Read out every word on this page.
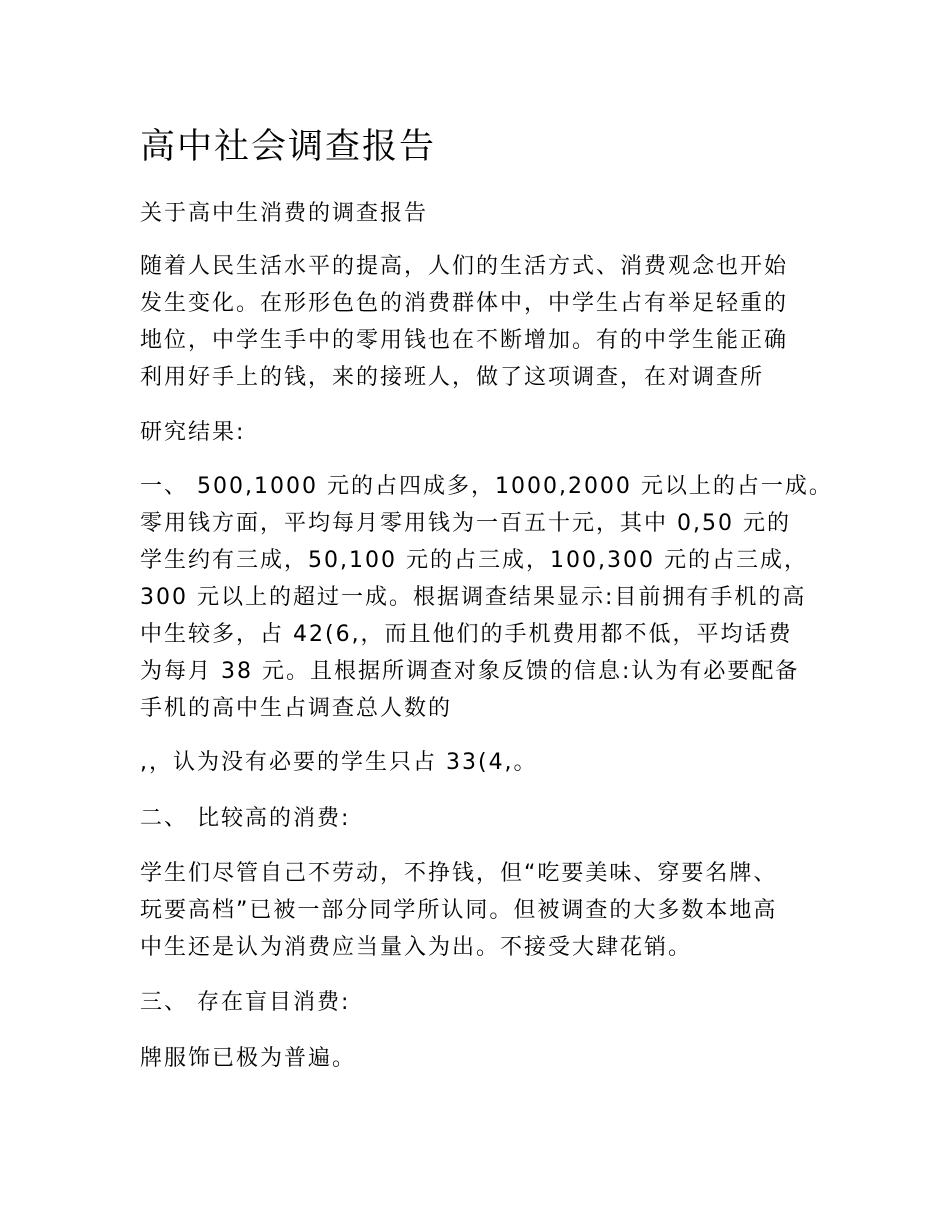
高中社会调查报告

关于高中生消费的调查报告

随着人民生活水平的提高，人们的生活方式、消费观念也开始
发生变化。在形形色色的消费群体中，中学生占有举足轻重的
地位，中学生手中的零用钱也在不断增加。有的中学生能正确
利用好手上的钱，来的接班人，做了这项调查，在对调查所

研究结果:

一、 500,1000 元的占四成多，1000,2000 元以上的占一成。
零用钱方面，平均每月零用钱为一百五十元，其中 0,50 元的
学生约有三成，50,100 元的占三成，100,300 元的占三成，
300 元以上的超过一成。根据调查结果显示:目前拥有手机的高
中生较多，占 42(6,，而且他们的手机费用都不低，平均话费
为每月 38 元。且根据所调查对象反馈的信息:认为有必要配备
手机的高中生占调查总人数的

,，认为没有必要的学生只占 33(4,。

二、 比较高的消费:

学生们尽管自己不劳动，不挣钱，但“吃要美味、穿要名牌、
玩要高档”已被一部分同学所认同。但被调查的大多数本地高
中生还是认为消费应当量入为出。不接受大肆花销。

三、 存在盲目消费:

牌服饰已极为普遍。
